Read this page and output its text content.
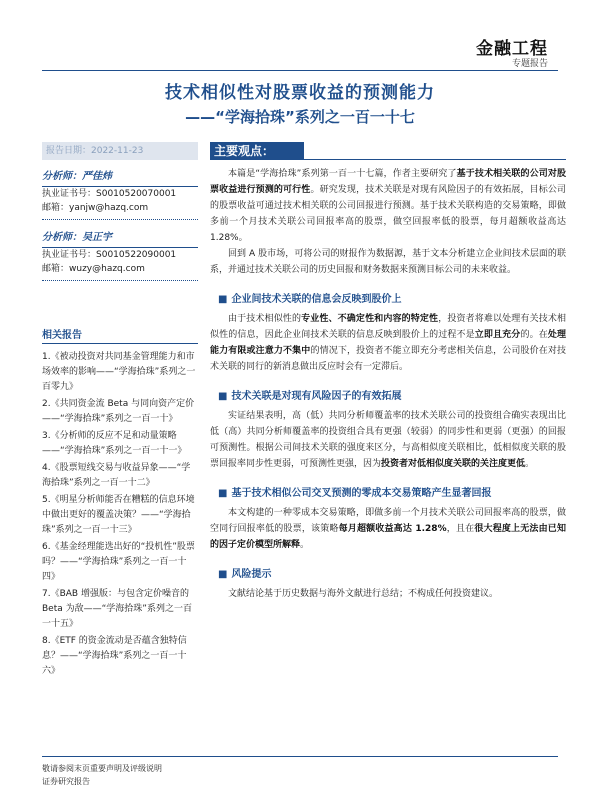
金融工程
专题报告
技术相似性对股票收益的预测能力
——“学海拾珠”系列之一百一十七
报告日期：2022-11-23
分析师：严佳炜
执业证书号：S0010520070001
邮箱：yanjw@hazq.com
分析师：吴正宇
执业证书号：S0010522090001
邮箱：wuzy@hazq.com
相关报告
1.《被动投资对共同基金管理能力和市场效率的影响——“学海拾珠”系列之一百零九》
2.《共同资金流 Beta 与同向资产定价——“学海拾珠”系列之一百一十》
3.《分析师的反应不足和动量策略——“学海拾珠”系列之一百一十一》
4.《股票短线交易与收益异象——“学海拾珠”系列之一百一十二》
5.《明星分析师能否在糟糕的信息环境中做出更好的覆盖决策？——“学海拾珠”系列之一百一十三》
6.《基金经理能选出好的“投机性”股票吗？——“学海拾珠”系列之一百一十四》
7.《BAB 增强版：与包含定价噪音的 Beta 为敌——“学海拾珠”系列之一百一十五》
8.《ETF 的资金流动是否蕴含独特信息？——“学海拾珠”系列之一百一十六》
主要观点：

本篇是“学海拾珠”系列第一百一十七篇，作者主要研究了基于技术相关联的公司对股票收益进行预测的可行性。研究发现，技术关联是对现有风险因子的有效拓展，目标公司的股票收益可通过技术相关联的公司回报进行预测。基于技术关联构造的交易策略，即做多前一个月技术关联公司回报率高的股票，做空回报率低的股票，每月超额收益高达 1.28%。

回到 A 股市场，可将公司的财报作为数据源，基于文本分析建立企业间技术层面的联系，并通过技术关联公司的历史回报和财务数据来预测目标公司的未来收益。

■ 企业间技术关联的信息会反映到股价上

由于技术相似性的专业性、不确定性和内容的特定性，投资者将难以处理有关技术相似性的信息，因此企业间技术关联的信息反映到股价上的过程不是立即且充分的。在处理能力有限或注意力不集中的情况下，投资者不能立即充分考虑相关信息，公司股价在对技术关联的同行的新消息做出反应时会有一定滞后。

■ 技术关联是对现有风险因子的有效拓展

实证结果表明，高（低）共同分析师覆盖率的技术关联公司的投资组合确实表现出比低（高）共同分析师覆盖率的投资组合具有更强（较弱）的同步性和更弱（更强）的回报可预测性。根据公司间技术关联的强度来区分，与高相似度关联相比，低相似度关联的股票回报率同步性更弱，可预测性更强，因为投资者对低相似度关联的关注度更低。

■ 基于技术相似公司交叉预测的零成本交易策略产生显著回报

本文构建的一种零成本交易策略，即做多前一个月技术关联公司回报率高的股票，做空同行回报率低的股票，该策略每月超额收益高达 1.28%，且在很大程度上无法由已知的因子定价模型所解释。

■ 风险提示

文献结论基于历史数据与海外文献进行总结；不构成任何投资建议。

敬请参阅末页重要声明及评级说明
证券研究报告
